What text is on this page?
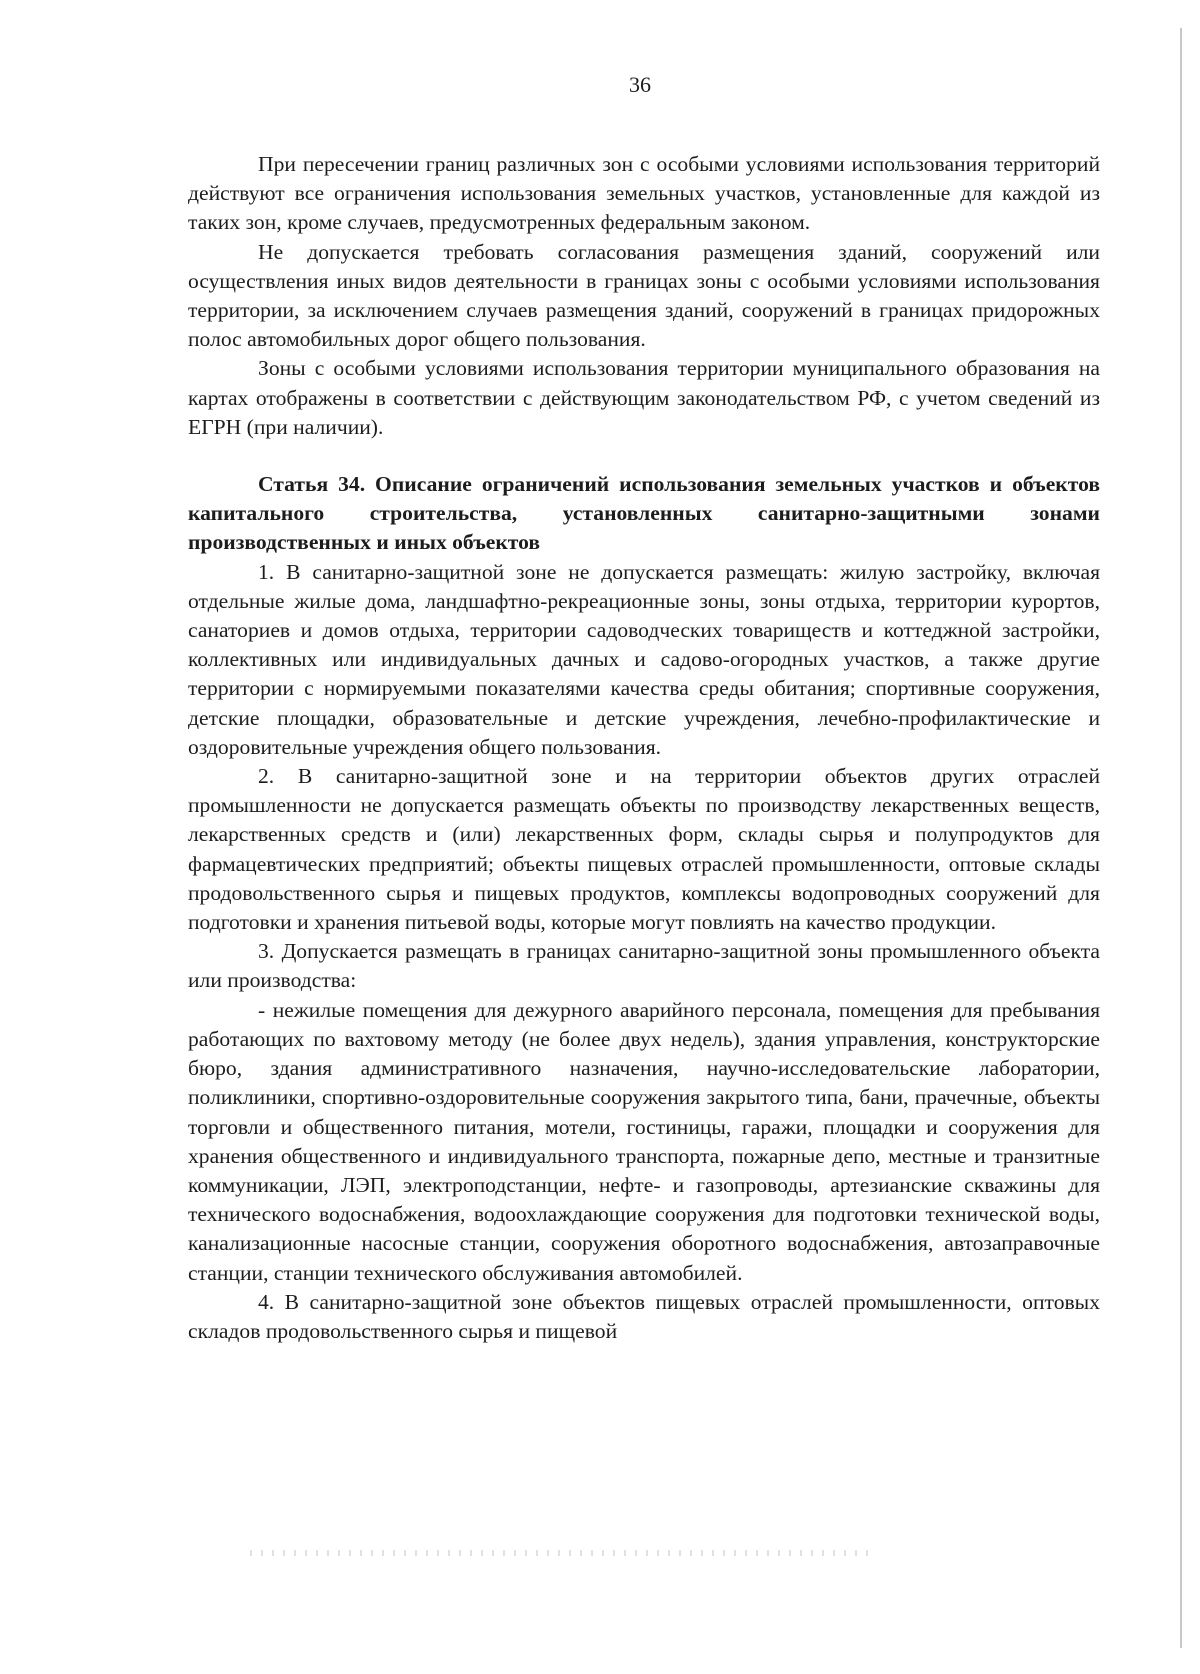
36

При пересечении границ различных зон с особыми условиями использования территорий действуют все ограничения использования земельных участков, установленные для каждой из таких зон, кроме случаев, предусмотренных федеральным законом.

Не допускается требовать согласования размещения зданий, сооружений или осуществления иных видов деятельности в границах зоны с особыми условиями использования территории, за исключением случаев размещения зданий, сооружений в границах придорожных полос автомобильных дорог общего пользования.

Зоны с особыми условиями использования территории муниципального образования на картах отображены в соответствии с действующим законодательством РФ, с учетом сведений из ЕГРН (при наличии).

Статья 34. Описание ограничений использования земельных участков и объектов капитального строительства, установленных санитарно-защитными зонами производственных и иных объектов

1. В санитарно-защитной зоне не допускается размещать: жилую застройку, включая отдельные жилые дома, ландшафтно-рекреационные зоны, зоны отдыха, территории курортов, санаториев и домов отдыха, территории садоводческих товариществ и коттеджной застройки, коллективных или индивидуальных дачных и садово-огородных участков, а также другие территории с нормируемыми показателями качества среды обитания; спортивные сооружения, детские площадки, образовательные и детские учреждения, лечебно-профилактические и оздоровительные учреждения общего пользования.

2. В санитарно-защитной зоне и на территории объектов других отраслей промышленности не допускается размещать объекты по производству лекарственных веществ, лекарственных средств и (или) лекарственных форм, склады сырья и полупродуктов для фармацевтических предприятий; объекты пищевых отраслей промышленности, оптовые склады продовольственного сырья и пищевых продуктов, комплексы водопроводных сооружений для подготовки и хранения питьевой воды, которые могут повлиять на качество продукции.

3. Допускается размещать в границах санитарно-защитной зоны промышленного объекта или производства:

- нежилые помещения для дежурного аварийного персонала, помещения для пребывания работающих по вахтовому методу (не более двух недель), здания управления, конструкторские бюро, здания административного назначения, научно-исследовательские лаборатории, поликлиники, спортивно-оздоровительные сооружения закрытого типа, бани, прачечные, объекты торговли и общественного питания, мотели, гостиницы, гаражи, площадки и сооружения для хранения общественного и индивидуального транспорта, пожарные депо, местные и транзитные коммуникации, ЛЭП, электроподстанции, нефте- и газопроводы, артезианские скважины для технического водоснабжения, водоохлаждающие сооружения для подготовки технической воды, канализационные насосные станции, сооружения оборотного водоснабжения, автозаправочные станции, станции технического обслуживания автомобилей.

4. В санитарно-защитной зоне объектов пищевых отраслей промышленности, оптовых складов продовольственного сырья и пищевой
